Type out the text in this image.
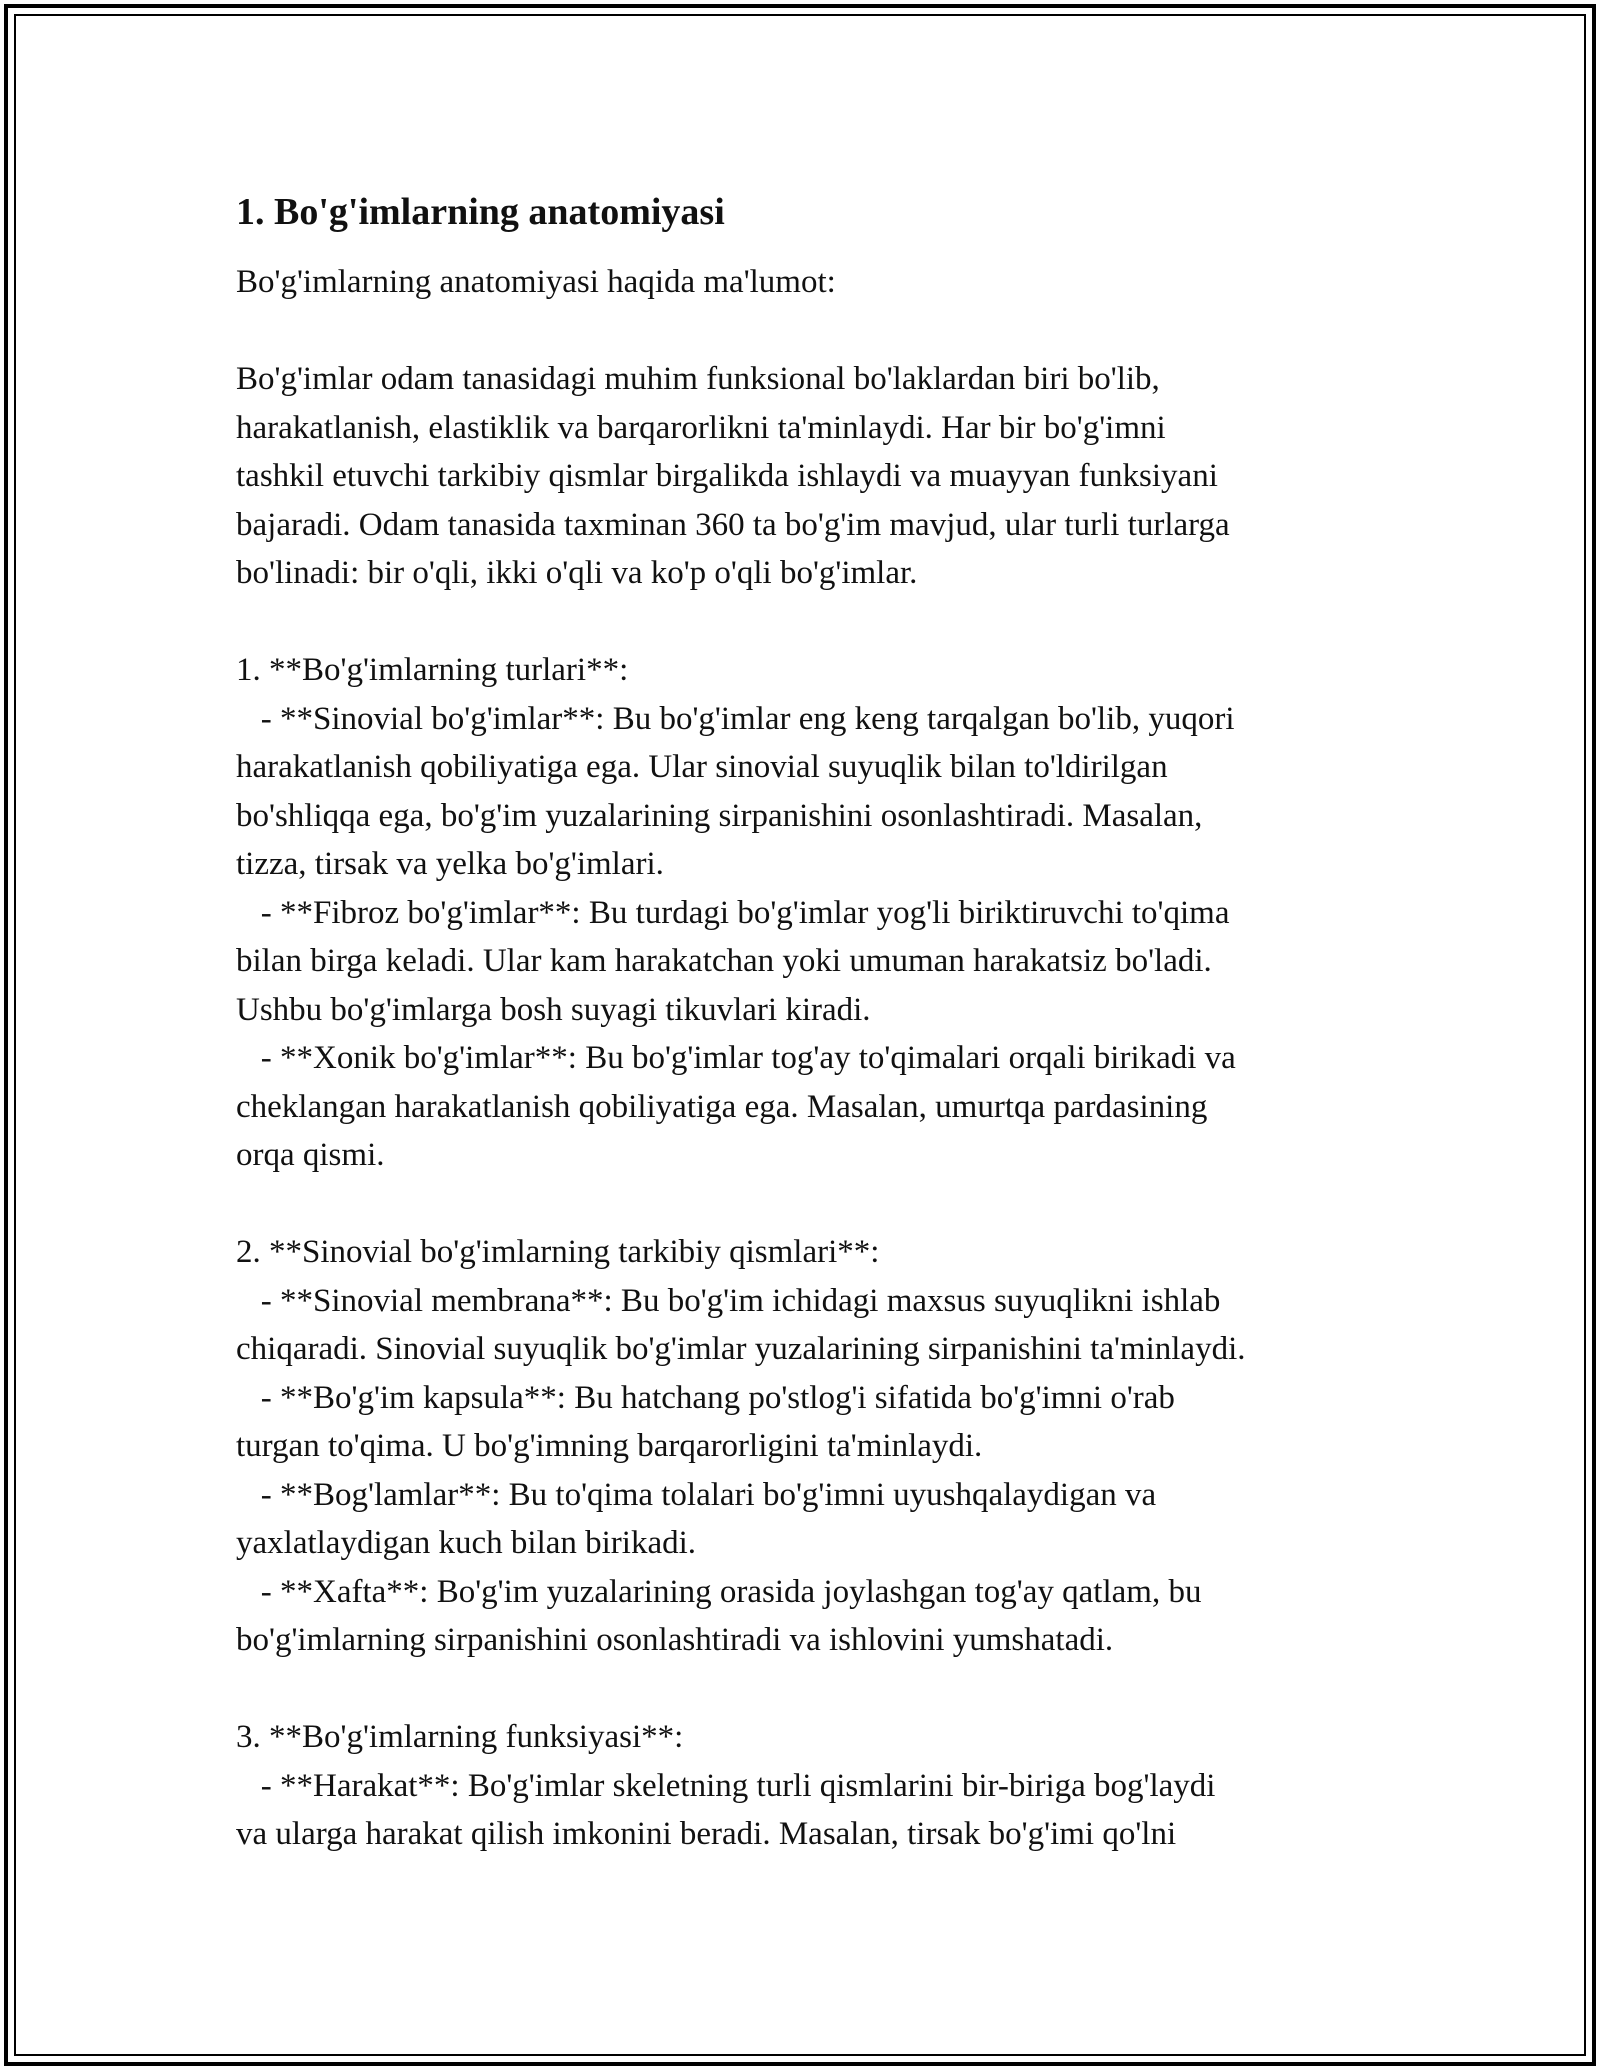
1. Bo'g'imlarning anatomiyasi

Bo'g'imlarning anatomiyasi haqida ma'lumot:

Bo'g'imlar odam tanasidagi muhim funksional bo'laklardan biri bo'lib,
harakatlanish, elastiklik va barqarorlikni ta'minlaydi. Har bir bo'g'imni
tashkil etuvchi tarkibiy qismlar birgalikda ishlaydi va muayyan funksiyani
bajaradi. Odam tanasida taxminan 360 ta bo'g'im mavjud, ular turli turlarga
bo'linadi: bir o'qli, ikki o'qli va ko'p o'qli bo'g'imlar.

1. **Bo'g'imlarning turlari**:
- **Sinovial bo'g'imlar**: Bu bo'g'imlar eng keng tarqalgan bo'lib, yuqori
harakatlanish qobiliyatiga ega. Ular sinovial suyuqlik bilan to'ldirilgan
bo'shliqqa ega, bo'g'im yuzalarining sirpanishini osonlashtiradi. Masalan,
tizza, tirsak va yelka bo'g'imlari.
- **Fibroz bo'g'imlar**: Bu turdagi bo'g'imlar yog'li biriktiruvchi to'qima
bilan birga keladi. Ular kam harakatchan yoki umuman harakatsiz bo'ladi.
Ushbu bo'g'imlarga bosh suyagi tikuvlari kiradi.
- **Xonik bo'g'imlar**: Bu bo'g'imlar tog'ay to'qimalari orqali birikadi va
cheklangan harakatlanish qobiliyatiga ega. Masalan, umurtqa pardasining
orqa qismi.

2. **Sinovial bo'g'imlarning tarkibiy qismlari**:
- **Sinovial membrana**: Bu bo'g'im ichidagi maxsus suyuqlikni ishlab
chiqaradi. Sinovial suyuqlik bo'g'imlar yuzalarining sirpanishini ta'minlaydi.
- **Bo'g'im kapsula**: Bu hatchang po'stlog'i sifatida bo'g'imni o'rab
turgan to'qima. U bo'g'imning barqarorligini ta'minlaydi.
- **Bog'lamlar**: Bu to'qima tolalari bo'g'imni uyushqalaydigan va
yaxlatlaydigan kuch bilan birikadi.
- **Xafta**: Bo'g'im yuzalarining orasida joylashgan tog'ay qatlam, bu
bo'g'imlarning sirpanishini osonlashtiradi va ishlovini yumshatadi.

3. **Bo'g'imlarning funksiyasi**:
- **Harakat**: Bo'g'imlar skeletning turli qismlarini bir-biriga bog'laydi
va ularga harakat qilish imkonini beradi. Masalan, tirsak bo'g'imi qo'lni
